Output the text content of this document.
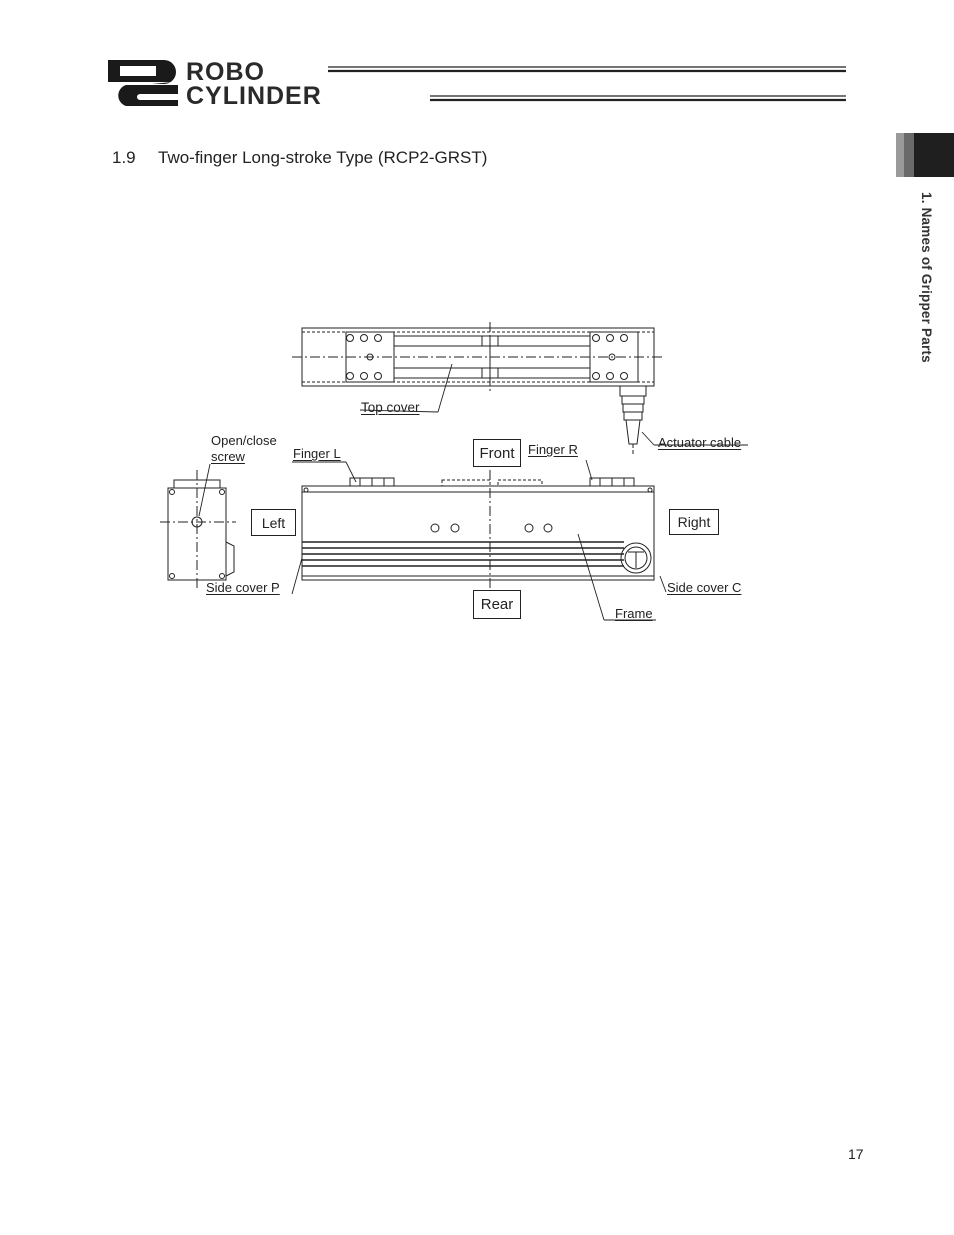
ROBO
CYLINDER
1.9 Two-finger Long-stroke Type (RCP2-GRST)
1. Names of Gripper Parts
Top cover
Actuator cable
Open/close
screw	Finger L	Finger R
Side cover P	Side cover C
Frame
Front
Left	Right
Rear
17
